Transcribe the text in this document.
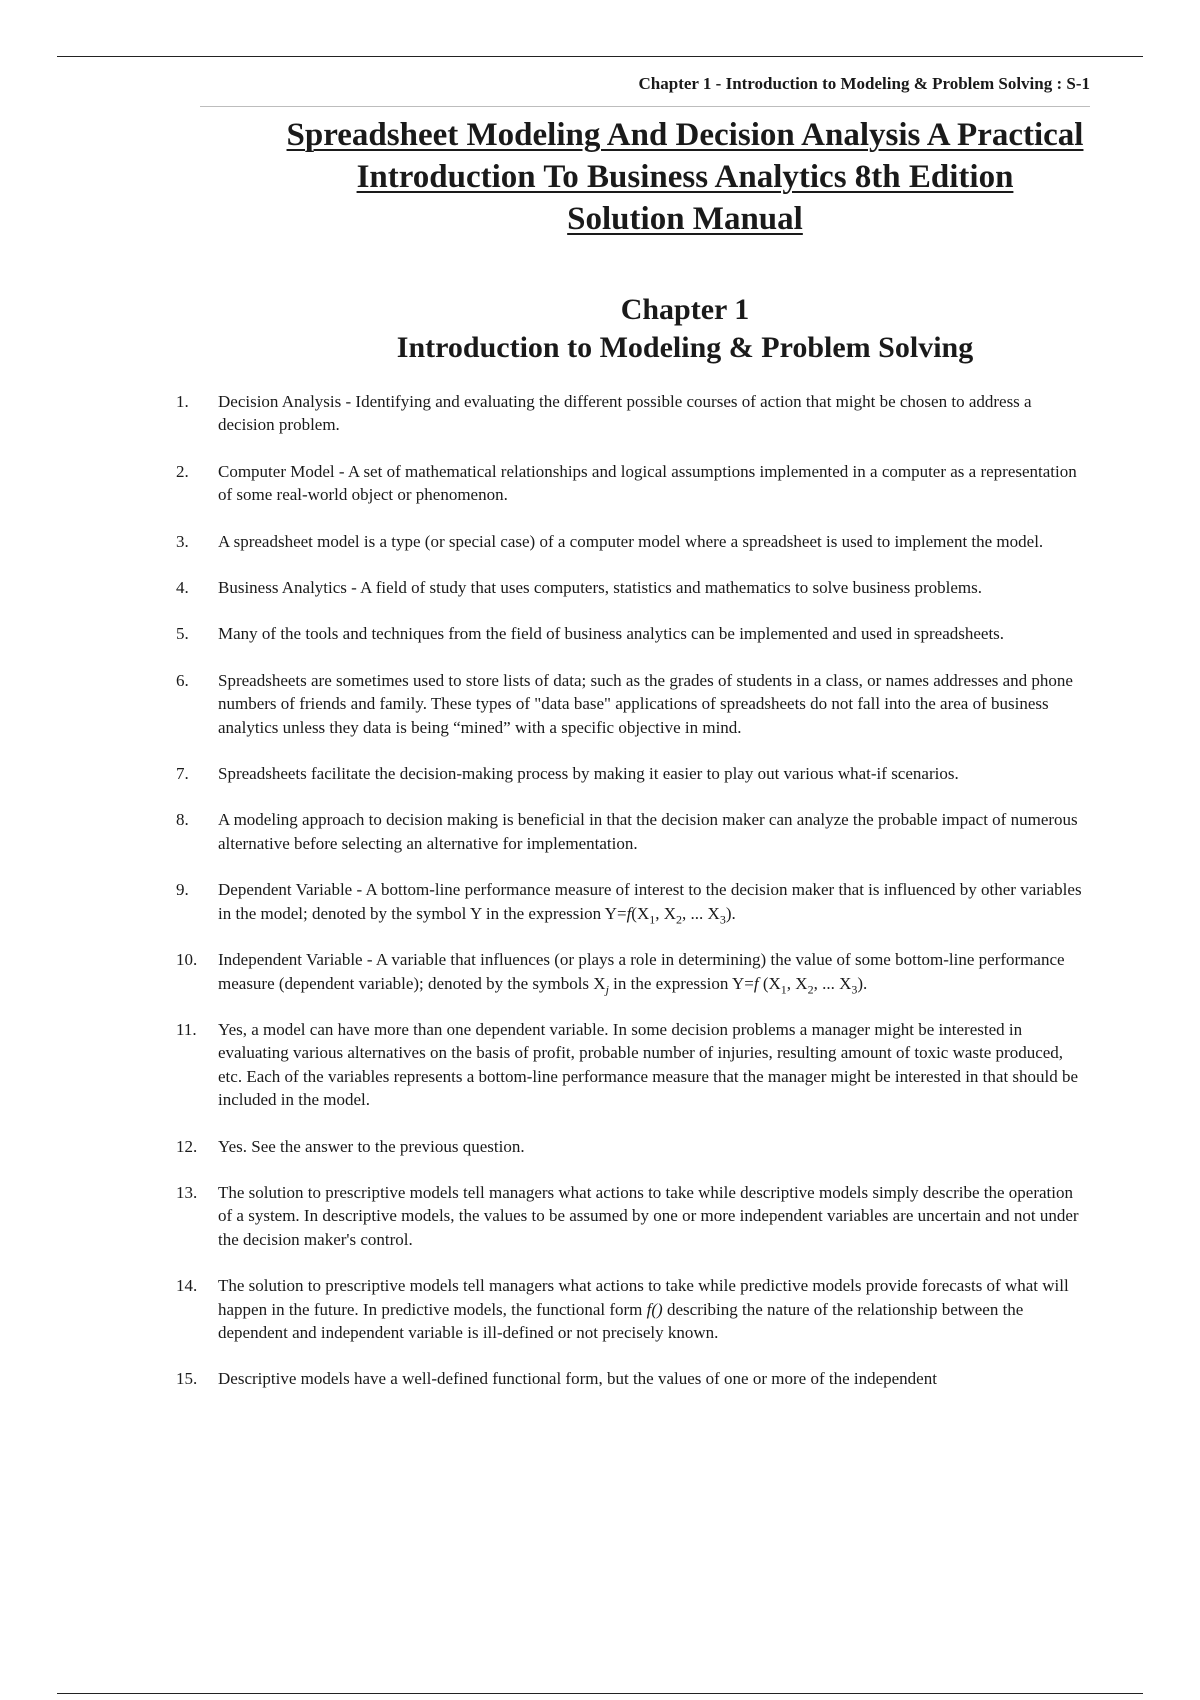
Chapter 1 - Introduction to Modeling & Problem Solving : S-1
Spreadsheet Modeling And Decision Analysis A Practical
Introduction To Business Analytics 8th Edition
Solution Manual
Chapter 1
Introduction to Modeling & Problem Solving
1.	Decision Analysis - Identifying and evaluating the different possible courses of action that might be chosen to address a decision problem.
2.	Computer Model - A set of mathematical relationships and logical assumptions implemented in a computer as a representation of some real-world object or phenomenon.
3.	A spreadsheet model is a type (or special case) of a computer model where a spreadsheet is used to implement the model.
4.	Business Analytics - A field of study that uses computers, statistics and mathematics to solve business problems.
5.	Many of the tools and techniques from the field of business analytics can be implemented and used in spreadsheets.
6.	Spreadsheets are sometimes used to store lists of data; such as the grades of students in a class, or names addresses and phone numbers of friends and family. These types of "data base" applications of spreadsheets do not fall into the area of business analytics unless they data is being “mined” with a specific objective in mind.
7.	Spreadsheets facilitate the decision-making process by making it easier to play out various what-if scenarios.
8.	A modeling approach to decision making is beneficial in that the decision maker can analyze the probable impact of numerous alternative before selecting an alternative for implementation.
9.	Dependent Variable - A bottom-line performance measure of interest to the decision maker that is influenced by other variables in the model; denoted by the symbol Y in the expression $Y=f(X_1$, $X_2$, ... $X_3$).
10.	Independent Variable - A variable that influences (or plays a role in determining) the value of some bottom-line performance measure (dependent variable); denoted by the symbols $X_j$ in the expression Y=f ($X_1$, $X_2$, ... $X_3$).
11.	Yes, a model can have more than one dependent variable. In some decision problems a manager might be interested in evaluating various alternatives on the basis of profit, probable number of injuries, resulting amount of toxic waste produced, etc. Each of the variables represents a bottom-line performance measure that the manager might be interested in that should be included in the model.
12.	Yes. See the answer to the previous question.
13.	The solution to prescriptive models tell managers what actions to take while descriptive models simply describe the operation of a system. In descriptive models, the values to be assumed by one or more independent variables are uncertain and not under the decision maker's control.
14.	The solution to prescriptive models tell managers what actions to take while predictive models provide forecasts of what will happen in the future. In predictive models, the functional form f() describing the nature of the relationship between the dependent and independent variable is ill-defined or not precisely known.
15.	Descriptive models have a well-defined functional form, but the values of one or more of the independent
